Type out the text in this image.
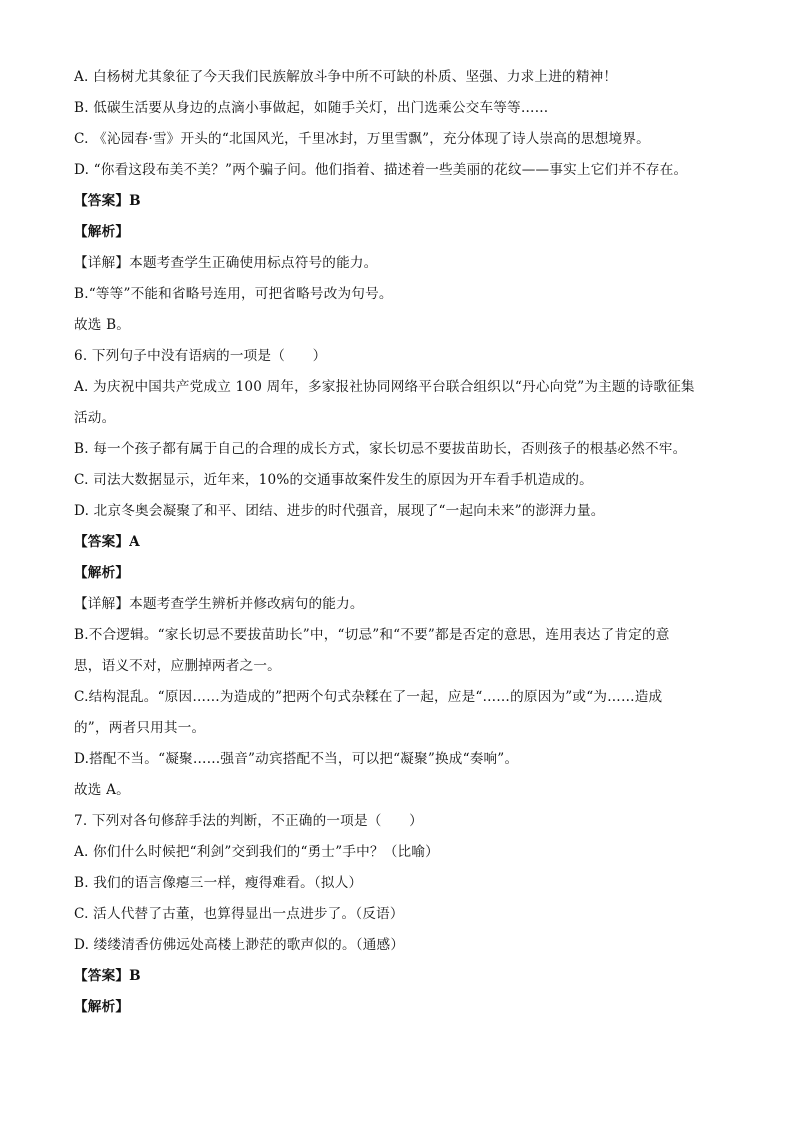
A. 白杨树尤其象征了今天我们民族解放斗争中所不可缺的朴质、坚强、力求上进的精神！
B. 低碳生活要从身边的点滴小事做起，如随手关灯，出门选乘公交车等等……
C. 《沁园春·雪》开头的“北国风光，千里冰封，万里雪飘”，充分体现了诗人崇高的思想境界。
D. “你看这段布美不美？”两个骗子问。他们指着、描述着一些美丽的花纹——事实上它们并不存在。
【答案】B
【解析】
【详解】本题考查学生正确使用标点符号的能力。
B.“等等”不能和省略号连用，可把省略号改为句号。
故选 B。
6. 下列句子中没有语病的一项是（　　）
A. 为庆祝中国共产党成立 100 周年，多家报社协同网络平台联合组织以“丹心向党”为主题的诗歌征集
活动。
B. 每一个孩子都有属于自己的合理的成长方式，家长切忌不要拔苗助长，否则孩子的根基必然不牢。
C. 司法大数据显示，近年来，10%的交通事故案件发生的原因为开车看手机造成的。
D. 北京冬奥会凝聚了和平、团结、进步的时代强音，展现了“一起向未来”的澎湃力量。
【答案】A
【解析】
【详解】本题考查学生辨析并修改病句的能力。
B.不合逻辑。“家长切忌不要拔苗助长”中，“切忌”和“不要”都是否定的意思，连用表达了肯定的意
思，语义不对，应删掉两者之一。
C.结构混乱。“原因……为造成的”把两个句式杂糅在了一起，应是“……的原因为”或“为……造成
的”，两者只用其一。
D.搭配不当。“凝聚……强音”动宾搭配不当，可以把“凝聚”换成“奏响”。
故选 A。
7. 下列对各句修辞手法的判断，不正确的一项是（　　）
A. 你们什么时候把“利剑”交到我们的“勇士”手中？（比喻）
B. 我们的语言像瘪三一样，瘦得难看。（拟人）
C. 活人代替了古董，也算得显出一点进步了。（反语）
D. 缕缕清香仿佛远处高楼上渺茫的歌声似的。（通感）
【答案】B
【解析】
